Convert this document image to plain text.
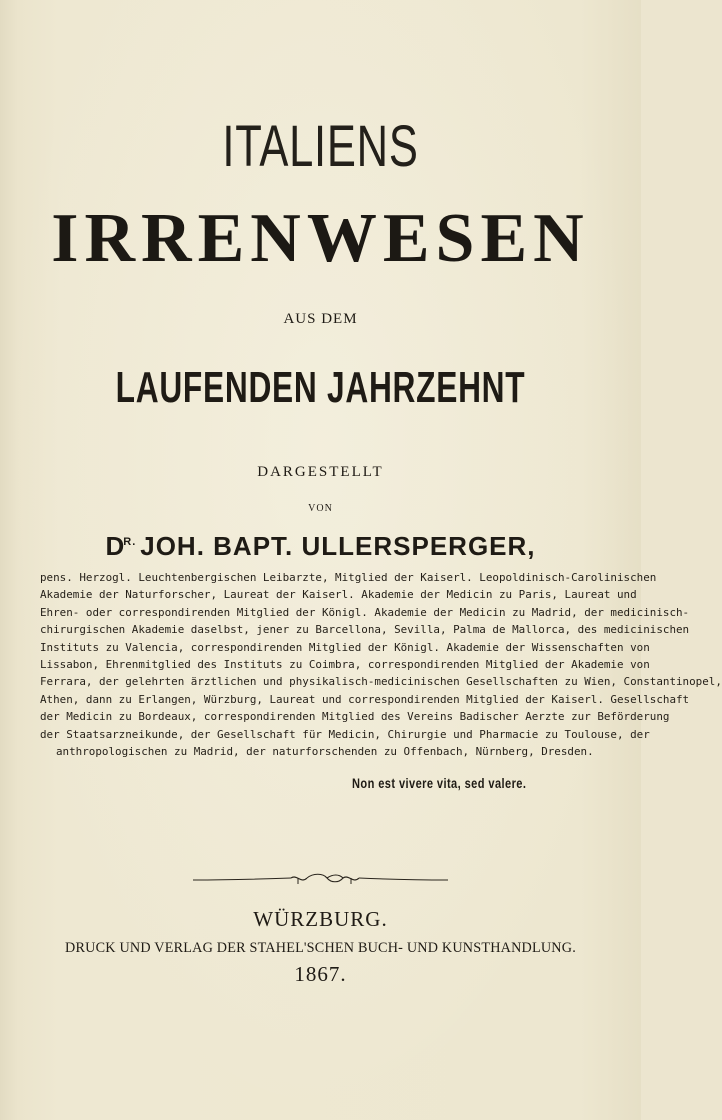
ITALIENS
IRRENWESEN
AUS DEM
LAUFENDEN JAHRZEHNT
DARGESTELLT
VON
$D^{R.}$ JOH. BAPT. ULLERSPERGER,
pens. Herzogl. Leuchtenbergischen Leibarzte, Mitglied der Kaiserl. Leopoldinisch-Carolinischen
Akademie der Naturforscher, Laureat der Kaiserl. Akademie der Medicin zu Paris, Laureat und
Ehren- oder correspondirenden Mitglied der Königl. Akademie der Medicin zu Madrid, der medicinisch-
chirurgischen Akademie daselbst, jener zu Barcellona, Sevilla, Palma de Mallorca, des medicinischen
Instituts zu Valencia, correspondirenden Mitglied der Königl. Akademie der Wissenschaften von
Lissabon, Ehrenmitglied des Instituts zu Coimbra, correspondirenden Mitglied der Akademie von
Ferrara, der gelehrten ärztlichen und physikalisch-medicinischen Gesellschaften zu Wien, Constantinopel,
Athen, dann zu Erlangen, Würzburg, Laureat und correspondirenden Mitglied der Kaiserl. Gesellschaft
der Medicin zu Bordeaux, correspondirenden Mitglied des Vereins Badischer Aerzte zur Beförderung
der Staatsarzneikunde, der Gesellschaft für Medicin, Chirurgie und Pharmacie zu Toulouse, der
anthropologischen zu Madrid, der naturforschenden zu Offenbach, Nürnberg, Dresden.
Non est vivere vita, sed valere.
WÜRZBURG.
DRUCK UND VERLAG DER STAHEL'SCHEN BUCH- UND KUNSTHANDLUNG.
1867.
